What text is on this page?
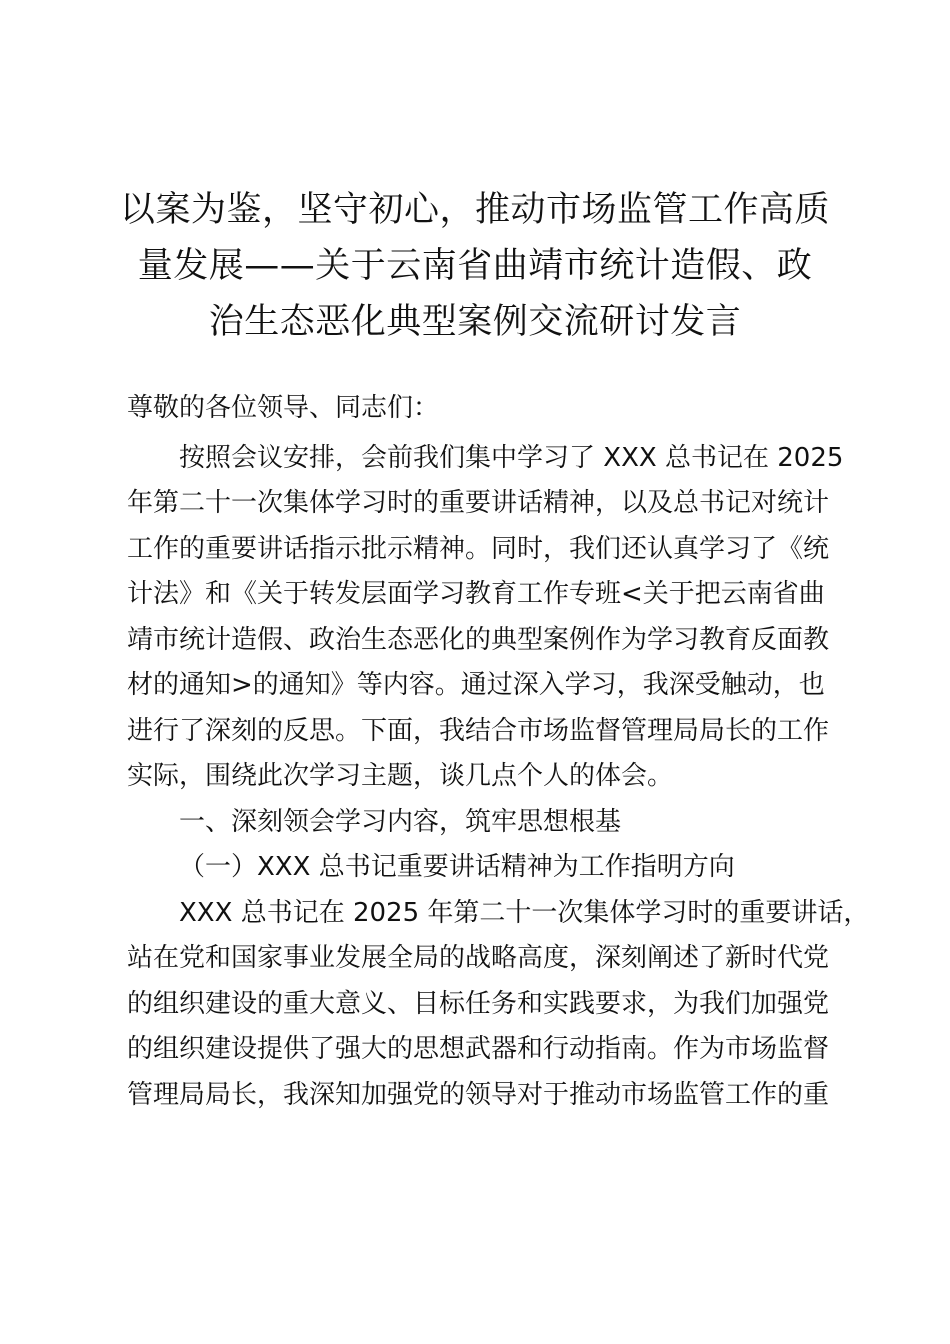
以案为鉴，坚守初心，推动市场监管工作高质
量发展——关于云南省曲靖市统计造假、政
治生态恶化典型案例交流研讨发言
尊敬的各位领导、同志们：
按照会议安排，会前我们集中学习了 XXX 总书记在 2025
年第二十一次集体学习时的重要讲话精神，以及总书记对统计
工作的重要讲话指示批示精神。同时，我们还认真学习了《统
计法》和《关于转发层面学习教育工作专班<关于把云南省曲
靖市统计造假、政治生态恶化的典型案例作为学习教育反面教
材的通知>的通知》等内容。通过深入学习，我深受触动，也
进行了深刻的反思。下面，我结合市场监督管理局局长的工作
实际，围绕此次学习主题，谈几点个人的体会。
一、深刻领会学习内容，筑牢思想根基
（一）XXX 总书记重要讲话精神为工作指明方向
XXX 总书记在 2025 年第二十一次集体学习时的重要讲话，
站在党和国家事业发展全局的战略高度，深刻阐述了新时代党
的组织建设的重大意义、目标任务和实践要求，为我们加强党
的组织建设提供了强大的思想武器和行动指南。作为市场监督
管理局局长，我深知加强党的领导对于推动市场监管工作的重
